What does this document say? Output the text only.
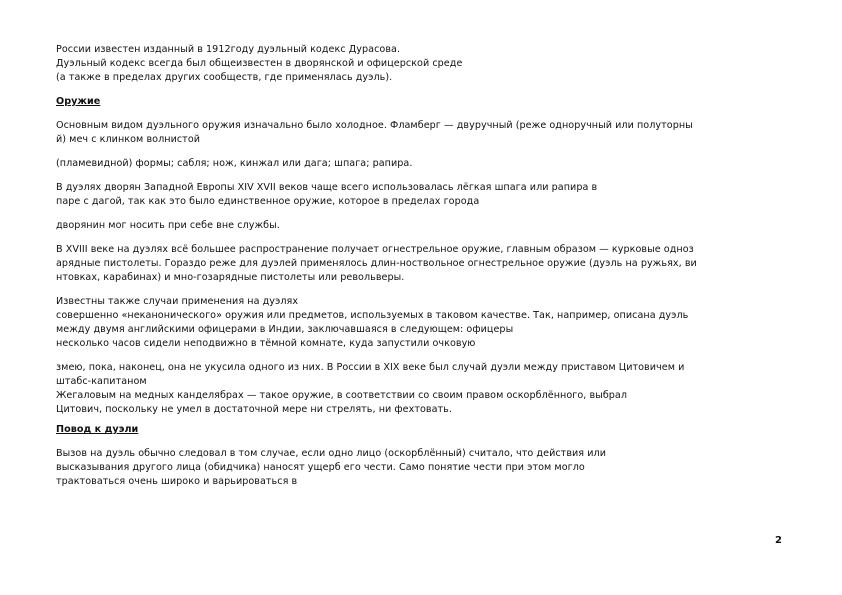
России известен изданный в 1912году дуэльный кодекс Дурасова.
Дуэльный кодекс всегда был общеизвестен в дворянской и офицерской среде
(а также в пределах других сообществ, где применялась дуэль).
Оружие
Основным видом дуэльного оружия изначально было холодное. Фламберг — двуручный (реже одноручный или полуторны
й) меч с клинком волнистой
(пламевидной) формы; сабля; нож, кинжал или дага; шпага; рапира.
В дуэлях дворян Западной Европы XIV XVII веков чаще всего использовалась лёгкая шпага или рапира в
паре с дагой, так как это было единственное оружие, которое в пределах города
дворянин мог носить при себе вне службы.
В XVIII веке на дуэлях всё большее распространение получает огнестрельное оружие, главным образом — курковые одноз
арядные пистолеты. Гораздо реже для дуэлей применялось длин-ноствольное огнестрельное оружие (дуэль на ружьях, ви
нтовках, карабинах) и мно-гозарядные пистолеты или револьверы.
Известны также случаи применения на дуэлях
совершенно «неканонического» оружия или предметов, используемых в таковом качестве. Так, например, описана дуэль
между двумя английскими офицерами в Индии, заключавшаяся в следующем: офицеры
несколько часов сидели неподвижно в тёмной комнате, куда запустили очковую
змею, пока, наконец, она не укусила одного из них. В России в XIX веке был случай дуэли между приставом Цитовичем и
штабс-капитаном
Жегаловым на медных канделябрах — такое оружие, в соответствии со своим правом оскорблённого, выбрал
Цитович, поскольку не умел в достаточной мере ни стрелять, ни фехтовать.
Повод к дуэли
Вызов на дуэль обычно следовал в том случае, если одно лицо (оскорблённый) считало, что действия или
высказывания другого лица (обидчика) наносят ущерб его чести. Само понятие чести при этом могло
трактоваться очень широко и варьироваться в
2
